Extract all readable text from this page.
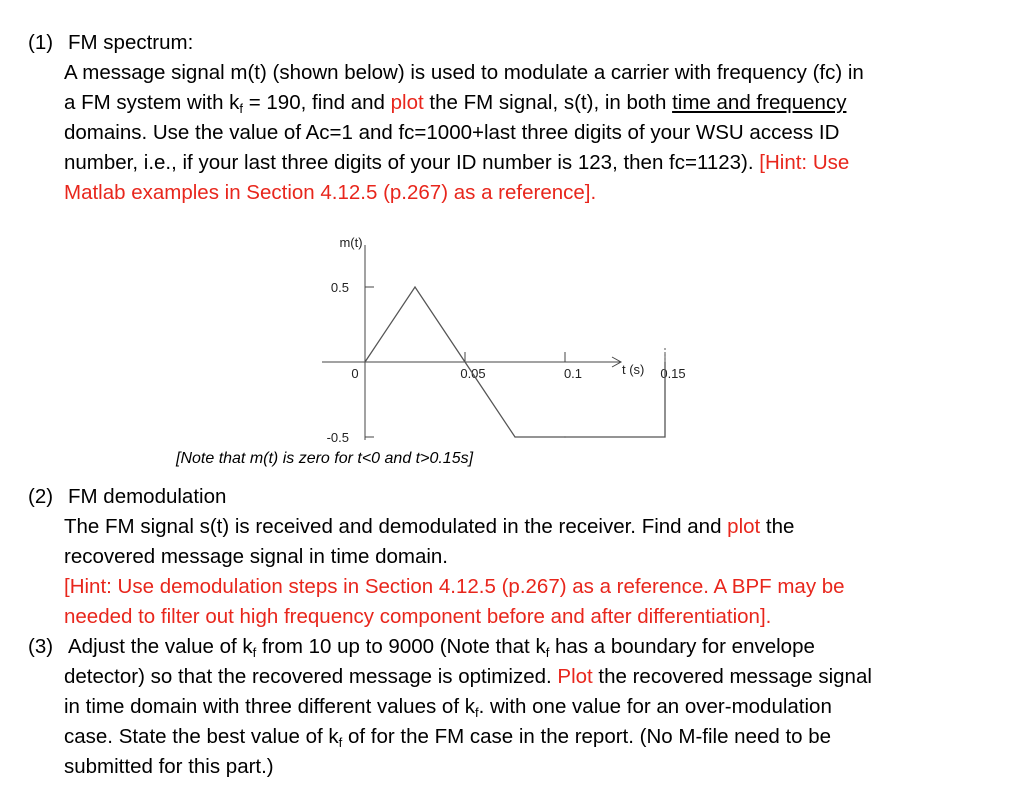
(1) FM spectrum:
A message signal m(t) (shown below) is used to modulate a carrier with frequency (fc) in
a FM system with $k_f = 190$, find and plot the FM signal, s(t), in both time and frequency
domains. Use the value of Ac=1 and fc=1000+last three digits of your WSU access ID
number, i.e., if your last three digits of your ID number is 123, then fc=1123). [Hint: Use
Matlab examples in Section 4.12.5 (p.267) as a reference].
0.5
-0.5
m(t)
0	0.05	0.1	0.15
t (s)
[Note that m(t) is zero for t<0 and t>0.15s]
(2) FM demodulation
The FM signal s(t) is received and demodulated in the receiver. Find and plot the
recovered message signal in time domain.
[Hint: Use demodulation steps in Section 4.12.5 (p.267) as a reference. A BPF may be
needed to filter out high frequency component before and after differentiation].
(3) Adjust the value of $k_f$ from 10 up to 9000 (Note that $k_f$ has a boundary for envelope
detector) so that the recovered message is optimized. Plot the recovered message signal
in time domain with three different values of $k_f$. with one value for an over-modulation
case. State the best value of $k_f$ of for the FM case in the report. (No M-file need to be
submitted for this part.)
